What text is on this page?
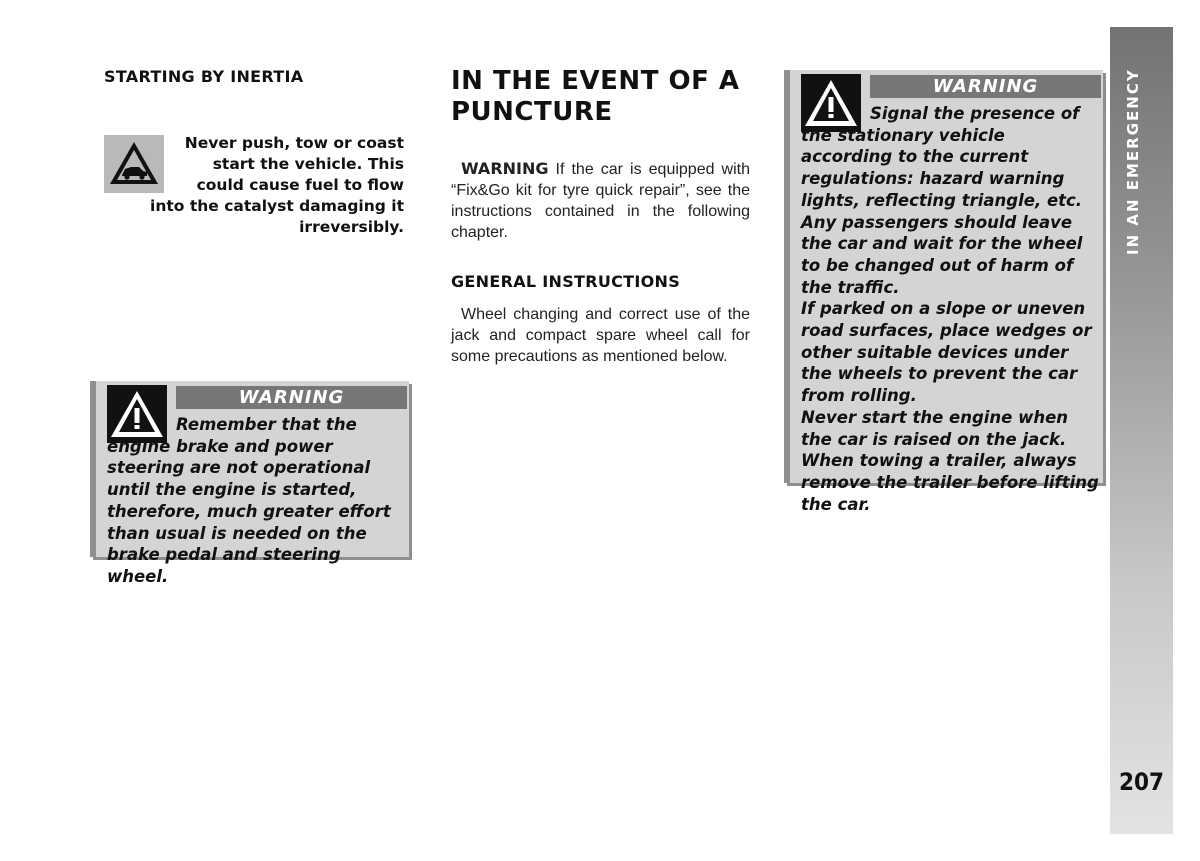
IN AN EMERGENCY
207
STARTING BY INERTIA
Never push, tow or coast start the vehicle. This could cause fuel to flow into the catalyst damaging it irreversibly.
WARNING
Remember that the engine brake and power steering are not operational until the engine is started, therefore, much greater effort than usual is needed on the brake pedal and steering wheel.
IN THE EVENT OF A PUNCTURE
WARNING If the car is equipped with “Fix&Go kit for tyre quick repair”, see the instructions contained in the following chapter.
GENERAL INSTRUCTIONS
Wheel changing and correct use of the jack and compact spare wheel call for some precautions as mentioned below.
WARNING
Signal the presence of the stationary vehicle according to the current regulations: hazard warning lights, reflecting triangle, etc.
Any passengers should leave the car and wait for the wheel to be changed out of harm of the traffic.
If parked on a slope or uneven road surfaces, place wedges or other suitable devices under the wheels to prevent the car from rolling.
Never start the engine when the car is raised on the jack.
When towing a trailer, always remove the trailer before lifting the car.
